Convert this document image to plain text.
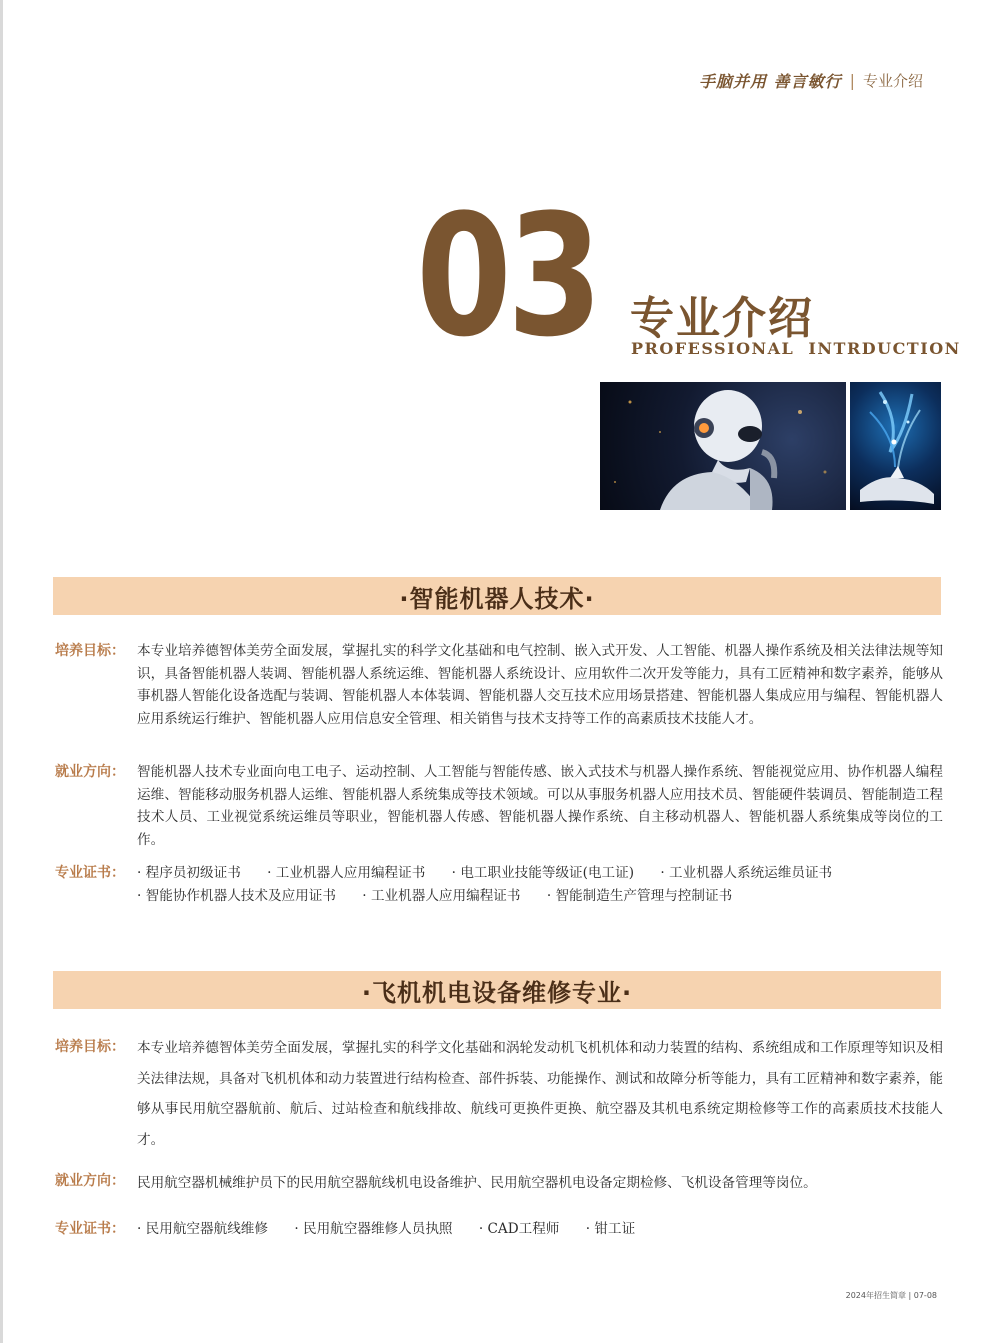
手脑并用 善言敏行 | 专业介绍
03 专业介绍
PROFESSIONAL  INTRDUCTION
·智能机器人技术·
培养目标： 本专业培养德智体美劳全面发展，掌握扎实的科学文化基础和电气控制、嵌入式开发、人工智能、机器人操作系统及相关法律法规等知识，具备智能机器人装调、智能机器人系统运维、智能机器人系统设计、应用软件二次开发等能力，具有工匠精神和数字素养，能够从事机器人智能化设备选配与装调、智能机器人本体装调、智能机器人交互技术应用场景搭建、智能机器人集成应用与编程、智能机器人应用系统运行维护、智能机器人应用信息安全管理、相关销售与技术支持等工作的高素质技术技能人才。
就业方向： 智能机器人技术专业面向电工电子、运动控制、人工智能与智能传感、嵌入式技术与机器人操作系统、智能视觉应用、协作机器人编程运维、智能移动服务机器人运维、智能机器人系统集成等技术领域。可以从事服务机器人应用技术员、智能硬件装调员、智能制造工程技术人员、工业视觉系统运维员等职业，智能机器人传感、智能机器人操作系统、自主移动机器人、智能机器人系统集成等岗位的工作。
专业证书：	· 程序员初级证书	· 工业机器人应用编程证书	· 电工职业技能等级证(电工证)	· 工业机器人系统运维员证书
· 智能协作机器人技术及应用证书	· 工业机器人应用编程证书	· 智能制造生产管理与控制证书
·飞机机电设备维修专业·
培养目标： 本专业培养德智体美劳全面发展，掌握扎实的科学文化基础和涡轮发动机飞机机体和动力装置的结构、系统组成和工作原理等知识及相关法律法规，具备对飞机机体和动力装置进行结构检查、部件拆装、功能操作、测试和故障分析等能力，具有工匠精神和数字素养，能够从事民用航空器航前、航后、过站检查和航线排故、航线可更换件更换、航空器及其机电系统定期检修等工作的高素质技术技能人才。
就业方向： 民用航空器机械维护员下的民用航空器航线机电设备维护、民用航空器机电设备定期检修、飞机设备管理等岗位。
专业证书：	· 民用航空器航线维修	· 民用航空器维修人员执照	· CAD工程师	· 钳工证
2024年招生简章 | 07-08
